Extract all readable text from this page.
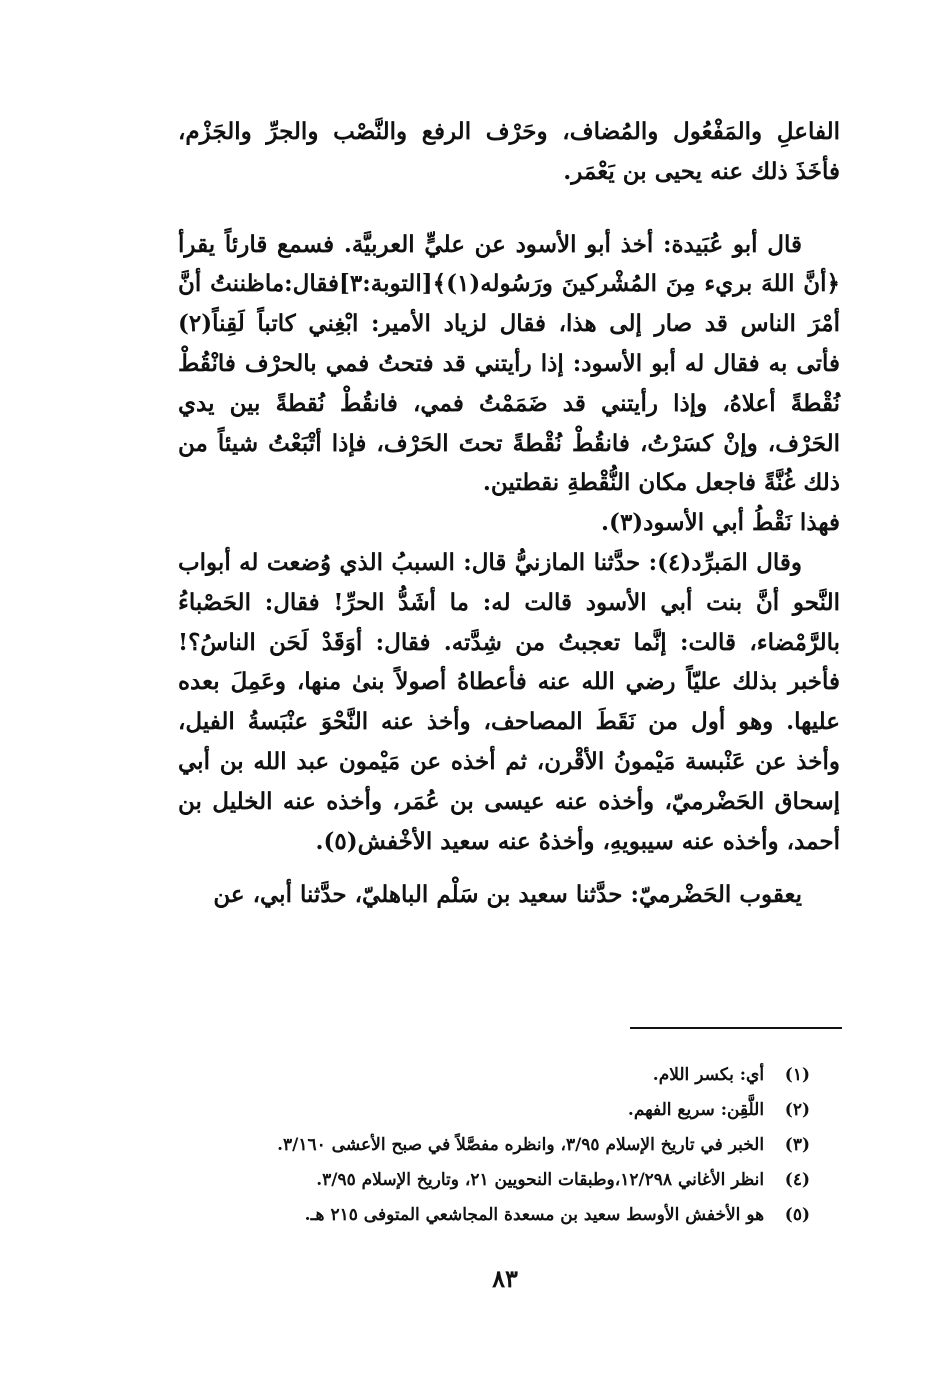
الفاعلِ والمَفْعُول والمُضاف، وحَرْف الرفع والنَّصْب والجرِّ والجَزْم، فأخَذَ ذلك عنه يحيى بن يَعْمَر.

قال أبو عُبَيدة: أخذ أبو الأسود عن عليٍّ العربيَّة. فسمع قارئاً يقرأ ﴿أنَّ اللهَ بريء مِنَ المُشْركينَ ورَسُوله(١)﴾[التوبة:٣]فقال:ماظننتُ أنَّ أمْرَ الناس قد صار إلى هذا، فقال لزياد الأمير: ابْغِني كاتباً لَقِناً(٢) فأتى به فقال له أبو الأسود: إذا رأيتني قد فتحتُ فمي بالحرْف فانْقُطْ نُقْطةً أعلاهُ، وإذا رأيتني قد ضَمَمْتُ فمي، فانقُطْ نُقطةً بين يدي الحَرْف، وإنْ كسَرْتُ، فانقُطْ نُقْطةً تحتَ الحَرْف، فإذا أتْبَعْتُ شيئاً من ذلك غُنَّةً فاجعل مكان النُّقْطةِ نقطتين.

فهذا نَقْطُ أبي الأسود(٣).

وقال المَبرِّد(٤): حدَّثنا المازنيُّ قال: السببُ الذي وُضعت له أبواب النَّحو أنَّ بنت أبي الأسود قالت له: ما أشَدُّ الحرِّ! فقال: الحَصْباءُ بالرَّمْضاء، قالت: إنَّما تعجبتُ من شِدَّته. فقال: أوَقَدْ لَحَن الناسُ؟! فأخبر بذلك عليّاً رضي الله عنه فأعطاهُ أصولاً بنىٰ منها، وعَمِلَ بعده عليها. وهو أول من نَقَطَ المصاحف، وأخذ عنه النَّحْوَ عنْبَسةُ الفيل، وأخذ عن عَنْبسة مَيْمونُ الأقْرن، ثم أخذه عن مَيْمون عبد الله بن أبي إسحاق الحَضْرميّ، وأخذه عنه عيسى بن عُمَر، وأخذه عنه الخليل بن أحمد، وأخذه عنه سيبويهِ، وأخذهُ عنه سعيد الأخْفش(٥).

يعقوب الحَضْرميّ: حدَّثنا سعيد بن سَلْم الباهليّ، حدَّثنا أبي، عن

(١) أي: بكسر اللام.
(٢) اللَّقِن: سريع الفهم.
(٣) الخبر في تاريخ الإسلام ٣/٩٥، وانظره مفصَّلاً في صبح الأعشى ٣/١٦٠.
(٤) انظر الأغاني ١٢/٢٩٨،وطبقات النحويين ٢١، وتاريخ الإسلام ٣/٩٥.
(٥) هو الأخفش الأوسط سعيد بن مسعدة المجاشعي المتوفى ٢١٥ هـ.
٨٣
